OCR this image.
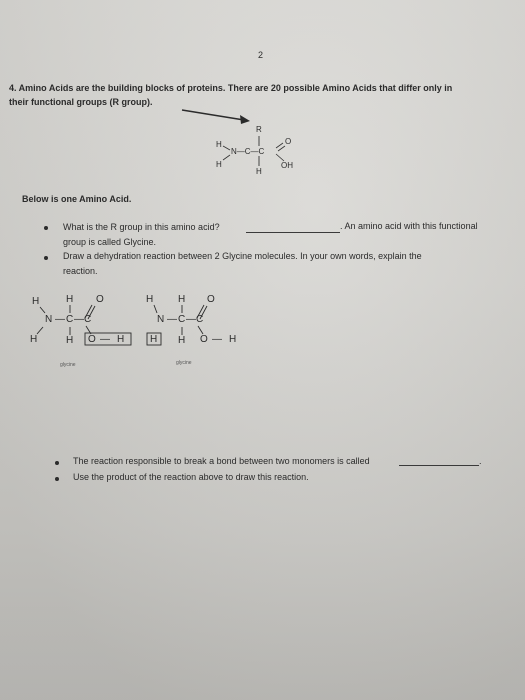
2
4. Amino Acids are the building blocks of proteins. There are 20 possible Amino Acids that differ only in
their functional groups (R group).
R
H
N—C—C
O
H
H
OH
Below is one Amino Acid.
What is the R group in this amino acid?	. An amino acid with this functional
group is called Glycine.
Draw a dehydration reaction between 2 Glycine molecules. In your own words, explain the
reaction.
H	H O
N — C — C
H	H O — H
glycine
H H O
N — C — C
H H O — H
glycine
The reaction responsible to break a bond between two monomers is called	.
Use the product of the reaction above to draw this reaction.
